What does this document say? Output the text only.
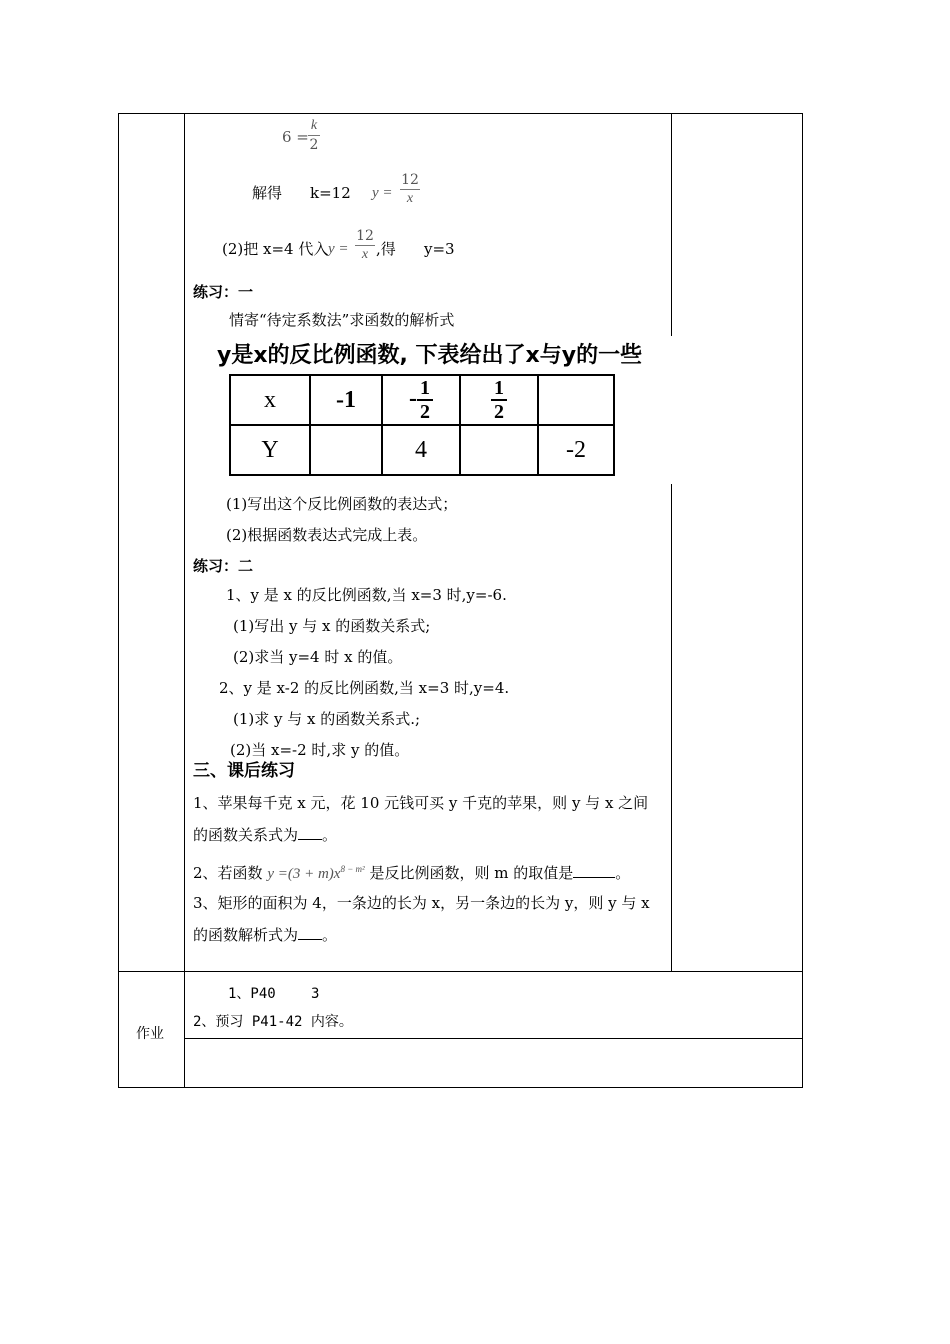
6 =
k
2
解得 k=12 y =
12
x
(2)把 x=4 代入 y =
12
x ,得 y=3
练习：一
情寄“待定系数法”求函数的解析式
y是x的反比例函数, 下表给出了x与y的一些
x	-1	- $\frac{1}{2}$	$\frac{1}{2}$

Y		4		-2
(1)写出这个反比例函数的表达式；
(2)根据函数表达式完成上表。
练习：二
1、y 是 x 的反比例函数,当 x=3 时,y=-6.
(1)写出 y 与 x 的函数关系式;
(2)求当 y=4 时 x 的值。
2、y 是 x-2 的反比例函数,当 x=3 时,y=4.
(1)求 y 与 x 的函数关系式.;
(2)当 x=-2 时,求 y 的值。
三、课后练习
1、苹果每千克 x 元，花 10 元钱可买 y 千克的苹果，则 y 与 x 之间
的函数关系式为 。
2、若函数 $y =(3 + m)x^{8 - m^2}$ 是反比例函数，则 m 的取值是	。
3、矩形的面积为 4，一条边的长为 x，另一条边的长为 y，则 y 与 x
的函数解析式为 。
作业
1、P40	3
2、预习 P41-42 内容。
